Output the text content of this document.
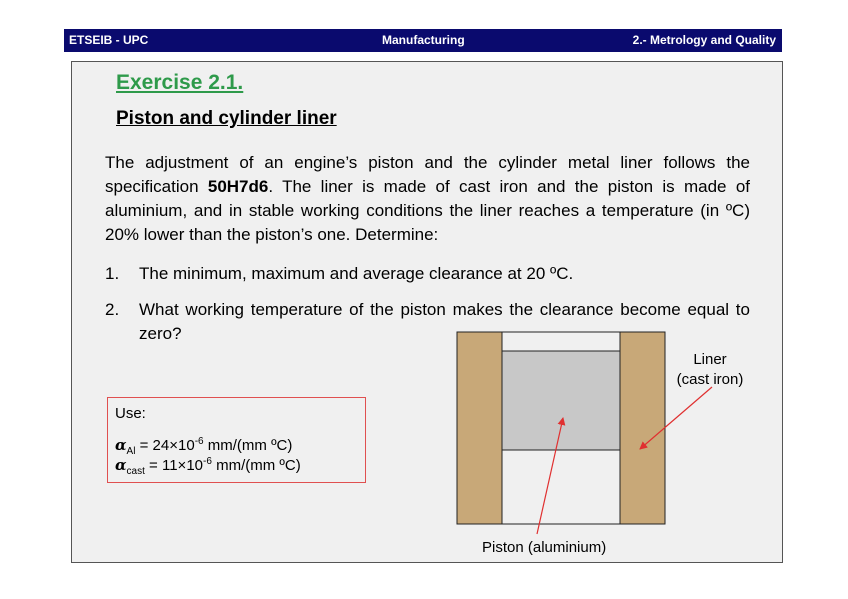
ETSEIB - UPC	Manufacturing	2.- Metrology and Quality
Exercise 2.1.
Piston and cylinder liner
The adjustment of an engine’s piston and the cylinder metal liner follows the specification 50H7d6. The liner is made of cast iron and the piston is made of aluminium, and in stable working conditions the liner reaches a temperature (in ºC) 20% lower than the piston’s one. Determine:
1. The minimum, maximum and average clearance at 20 ºC.
2. What working temperature of the piston makes the clearance become equal to zero?
Use:
$\alpha_{Al} = 24\times 10^{-6}$ mm/(mm ºC)
$\alpha_{cast} = 11\times 10^{-6}$ mm/(mm ºC)
Liner
(cast iron)
Piston (aluminium)
